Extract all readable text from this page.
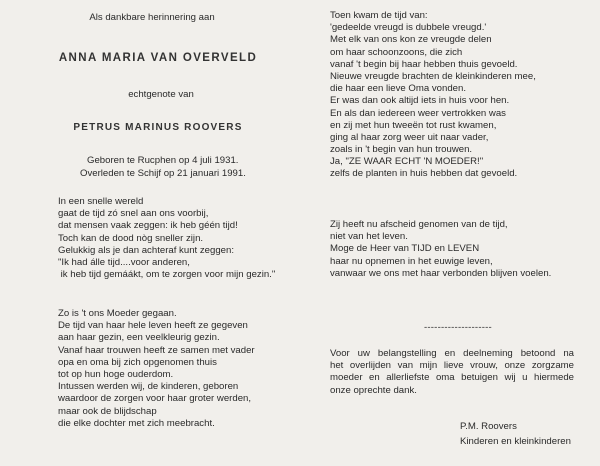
Als dankbare herinnering aan
ANNA MARIA VAN OVERVELD
echtgenote van
PETRUS MARINUS ROOVERS
Geboren te Rucphen op 4 juli 1931.
Overleden te Schijf op 21 januari 1991.
In een snelle wereld
gaat de tijd zó snel aan ons voorbij,
dat mensen vaak zeggen: ik heb géén tijd!
Toch kan de dood nòg sneller zijn.
Gelukkig als je dan achteraf kunt zeggen:
"Ik had álle tijd....voor anderen,
ik heb tijd gemáákt, om te zorgen voor mijn gezin."
Zo is 't ons Moeder gegaan.
De tijd van haar hele leven heeft ze gegeven
aan haar gezin, een veelkleurig gezin.
Vanaf haar trouwen heeft ze samen met vader
opa en oma bij zich opgenomen thuis
tot op hun hoge ouderdom.
Intussen werden wij, de kinderen, geboren
waardoor de zorgen voor haar groter werden,
maar ook de blijdschap
die elke dochter met zich meebracht.
Toen kwam de tijd van:
'gedeelde vreugd is dubbele vreugd.'
Met elk van ons kon ze vreugde delen
om haar schoonzoons, die zich
vanaf 't begin bij haar hebben thuis gevoeld.
Nieuwe vreugde brachten de kleinkinderen mee,
die haar een lieve Oma vonden.
Er was dan ook altijd iets in huis voor hen.
En als dan iedereen weer vertrokken was
en zij met hun tweeën tot rust kwamen,
ging al haar zorg weer uit naar vader,
zoals in 't begin van hun trouwen.
Ja, "ZE WAAR ECHT 'N MOEDER!"
zelfs de planten in huis hebben dat gevoeld.
Zij heeft nu afscheid genomen van de tijd,
niet van het leven.
Moge de Heer van TIJD en LEVEN
haar nu opnemen in het euwige leven,
vanwaar we ons met haar verbonden blijven voelen.
--------------------
Voor uw belangstelling en deelneming betoond na
het overlijden van mijn lieve vrouw, onze zorgzame
moeder en allerliefste oma betuigen wij u hiermede
onze oprechte dank.
P.M. Roovers
Kinderen en kleinkinderen
